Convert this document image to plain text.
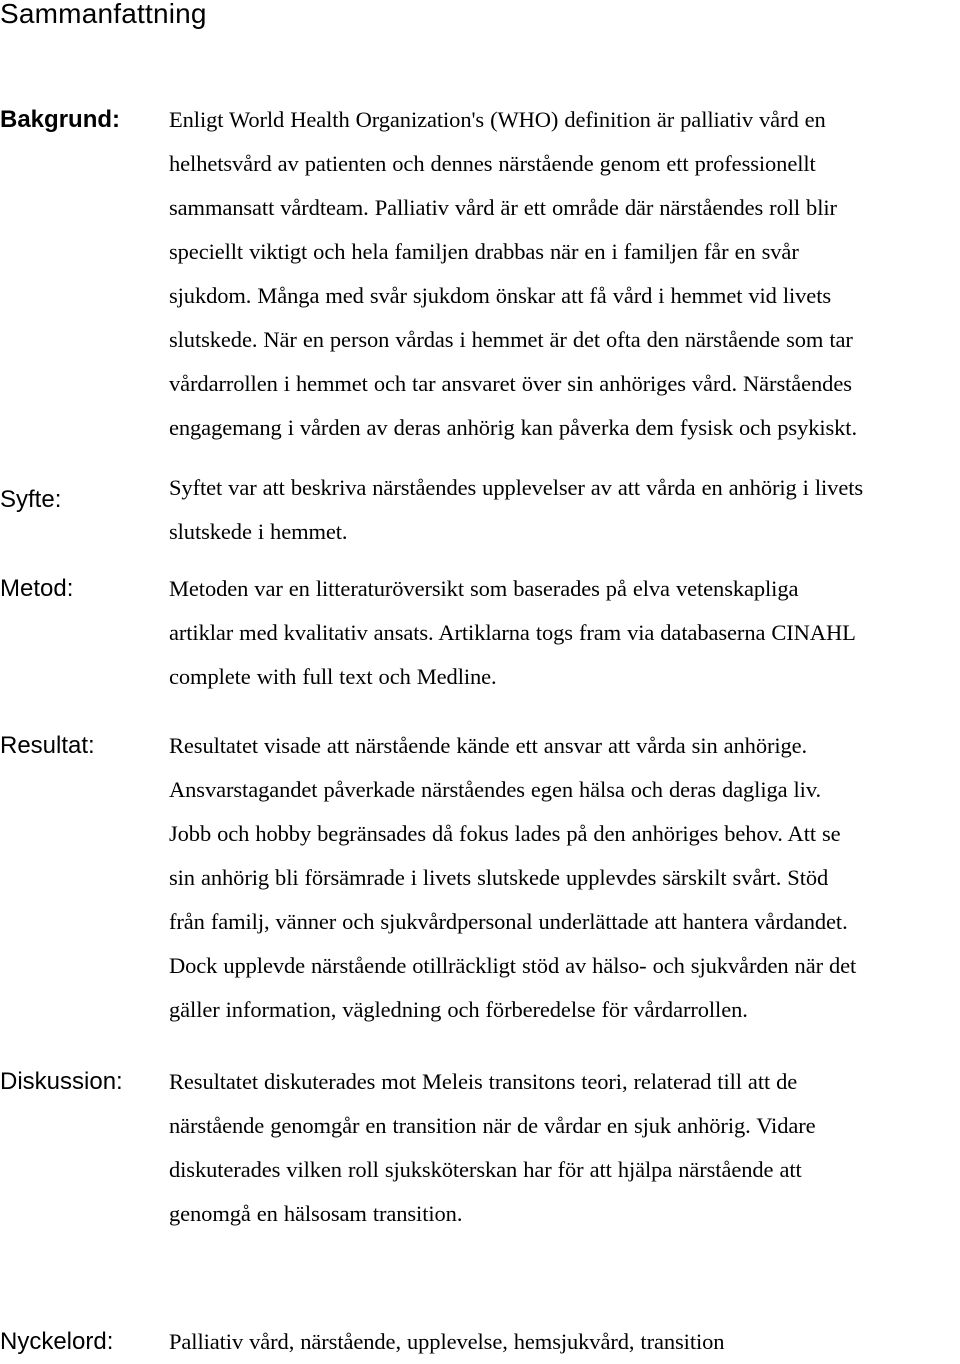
Sammanfattning
Bakgrund: Enligt World Health Organization's (WHO) definition är palliativ vård en
helhetsvård av patienten och dennes närstående genom ett professionellt
sammansatt vårdteam. Palliativ vård är ett område där närståendes roll blir
speciellt viktigt och hela familjen drabbas när en i familjen får en svår
sjukdom. Många med svår sjukdom önskar att få vård i hemmet vid livets
slutskede. När en person vårdas i hemmet är det ofta den närstående som tar
vårdarrollen i hemmet och tar ansvaret över sin anhöriges vård. Närståendes
engagemang i vården av deras anhörig kan påverka dem fysisk och psykiskt.

Syfte:	Syftet var att beskriva närståendes upplevelser av att vårda en anhörig i livets
slutskede i hemmet.

Metod:	Metoden var en litteraturöversikt som baserades på elva vetenskapliga
artiklar med kvalitativ ansats. Artiklarna togs fram via databaserna CINAHL
complete with full text och Medline.

Resultat:	Resultatet visade att närstående kände ett ansvar att vårda sin anhörige.
Ansvarstagandet påverkade närståendes egen hälsa och deras dagliga liv.
Jobb och hobby begränsades då fokus lades på den anhöriges behov. Att se
sin anhörig bli försämrade i livets slutskede upplevdes särskilt svårt. Stöd
från familj, vänner och sjukvårdpersonal underlättade att hantera vårdandet.
Dock upplevde närstående otillräckligt stöd av hälso- och sjukvården när det
gäller information, vägledning och förberedelse för vårdarrollen.

Diskussion: Resultatet diskuterades mot Meleis transitons teori, relaterad till att de
närstående genomgår en transition när de vårdar en sjuk anhörig. Vidare
diskuterades vilken roll sjuksköterskan har för att hjälpa närstående att
genomgå en hälsosam transition.

Nyckelord: Palliativ vård, närstående, upplevelse, hemsjukvård, transition
